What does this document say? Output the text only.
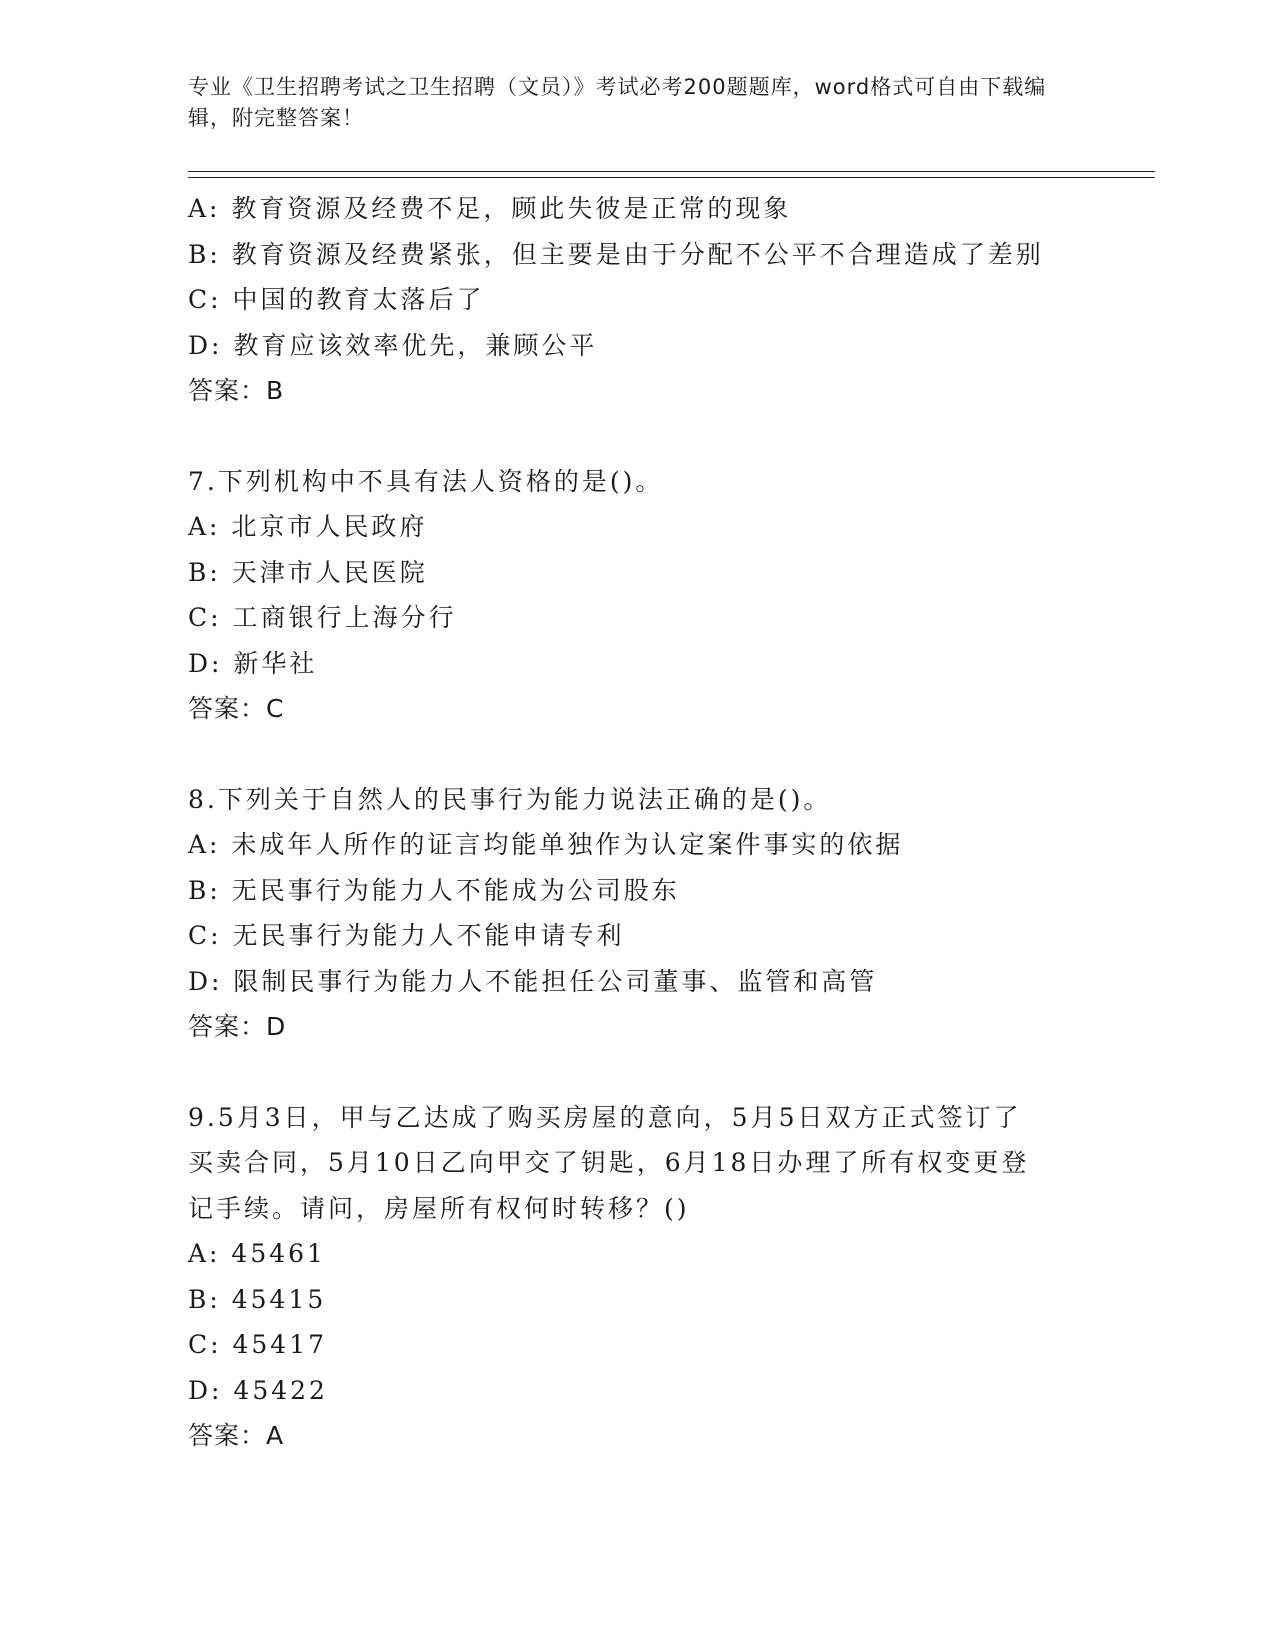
专业《卫生招聘考试之卫生招聘（文员）》考试必考200题题库，word格式可自由下载编辑，附完整答案！
A: 教育资源及经费不足，顾此失彼是正常的现象
B: 教育资源及经费紧张，但主要是由于分配不公平不合理造成了差别
C: 中国的教育太落后了
D: 教育应该效率优先，兼顾公平
答案：B
7.下列机构中不具有法人资格的是()。
A: 北京市人民政府
B: 天津市人民医院
C: 工商银行上海分行
D: 新华社
答案：C
8.下列关于自然人的民事行为能力说法正确的是()。
A: 未成年人所作的证言均能单独作为认定案件事实的依据
B: 无民事行为能力人不能成为公司股东
C: 无民事行为能力人不能申请专利
D: 限制民事行为能力人不能担任公司董事、监管和高管
答案：D
9.5月3日，甲与乙达成了购买房屋的意向，5月5日双方正式签订了
买卖合同，5月10日乙向甲交了钥匙，6月18日办理了所有权变更登
记手续。请问，房屋所有权何时转移？()
A: 45461
B: 45415
C: 45417
D: 45422
答案：A
